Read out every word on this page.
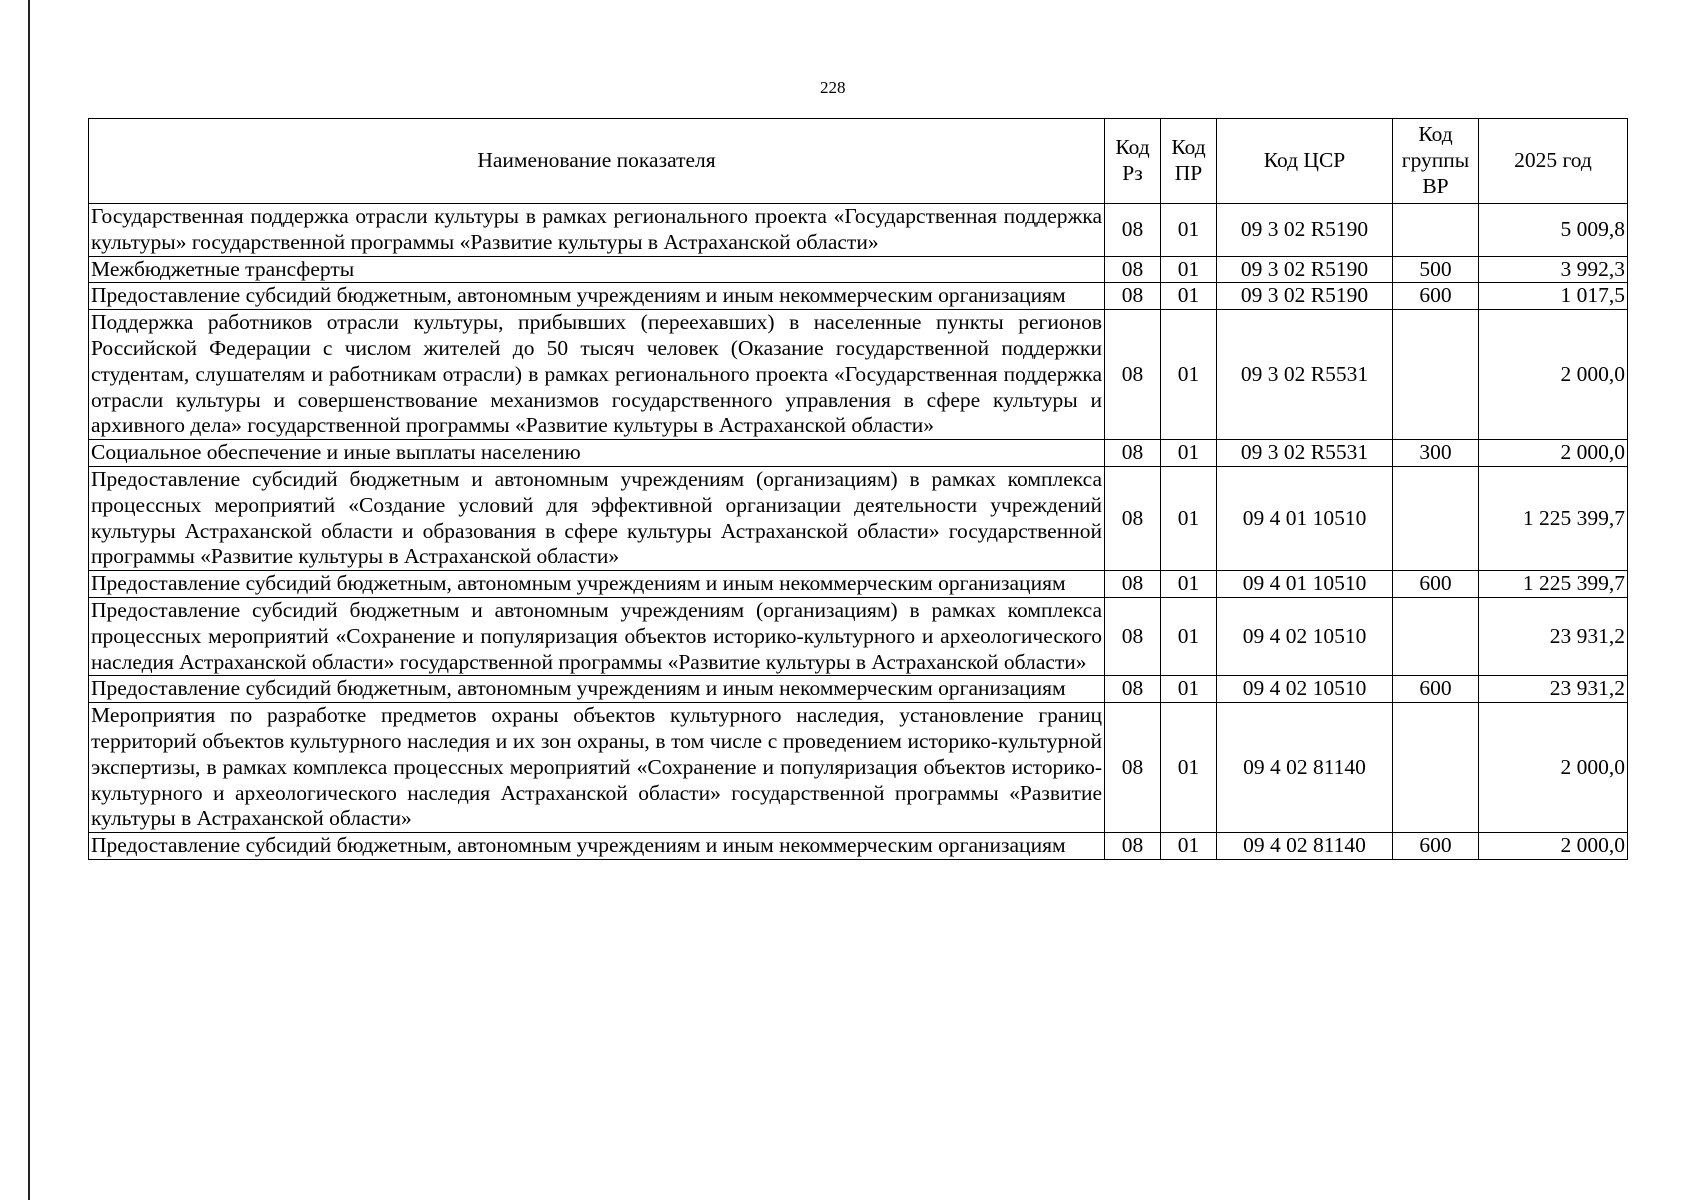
228
Наименование показателя	Код Рз	Код ПР	Код ЦСР	Код группы ВР	2025 год
Государственная поддержка отрасли культуры в рамках регионального проекта «Государственная поддержка культуры» государственной программы «Развитие культуры в Астраханской области»	08	01	09 3 02 R5190		5 009,8
Межбюджетные трансферты	08	01	09 3 02 R5190	500	3 992,3
Предоставление субсидий бюджетным, автономным учреждениям и иным некоммерческим организациям	08	01	09 3 02 R5190	600	1 017,5
Поддержка работников отрасли культуры, прибывших (переехавших) в населенные пункты регионов Российской Федерации с числом жителей до 50 тысяч человек (Оказание государственной поддержки студентам, слушателям и работникам отрасли) в рамках регионального проекта «Государственная поддержка отрасли культуры и совершенствование механизмов государственного управления в сфере культуры и архивного дела» государственной программы «Развитие культуры в Астраханской области»	08	01	09 3 02 R5531		2 000,0
Социальное обеспечение и иные выплаты населению	08	01	09 3 02 R5531	300	2 000,0
Предоставление субсидий бюджетным и автономным учреждениям (организациям) в рамках комплекса процессных мероприятий «Создание условий для эффективной организации деятельности учреждений культуры Астраханской области и образования в сфере культуры Астраханской области» государственной программы «Развитие культуры в Астраханской области»	08	01	09 4 01 10510		1 225 399,7
Предоставление субсидий бюджетным, автономным учреждениям и иным некоммерческим организациям	08	01	09 4 01 10510	600	1 225 399,7
Предоставление субсидий бюджетным и автономным учреждениям (организациям) в рамках комплекса процессных мероприятий «Сохранение и популяризация объектов историко-культурного и археологического наследия Астраханской области» государственной программы «Развитие культуры в Астраханской области»	08	01	09 4 02 10510		23 931,2
Предоставление субсидий бюджетным, автономным учреждениям и иным некоммерческим организациям	08	01	09 4 02 10510	600	23 931,2
Мероприятия по разработке предметов охраны объектов культурного наследия, установление границ территорий объектов культурного наследия и их зон охраны, в том числе с проведением историко-культурной экспертизы, в рамках комплекса процессных мероприятий «Сохранение и популяризация объектов историко-культурного и археологического наследия Астраханской области» государственной программы «Развитие культуры в Астраханской области»	08	01	09 4 02 81140		2 000,0
Предоставление субсидий бюджетным, автономным учреждениям и иным некоммерческим организациям	08	01	09 4 02 81140	600	2 000,0
